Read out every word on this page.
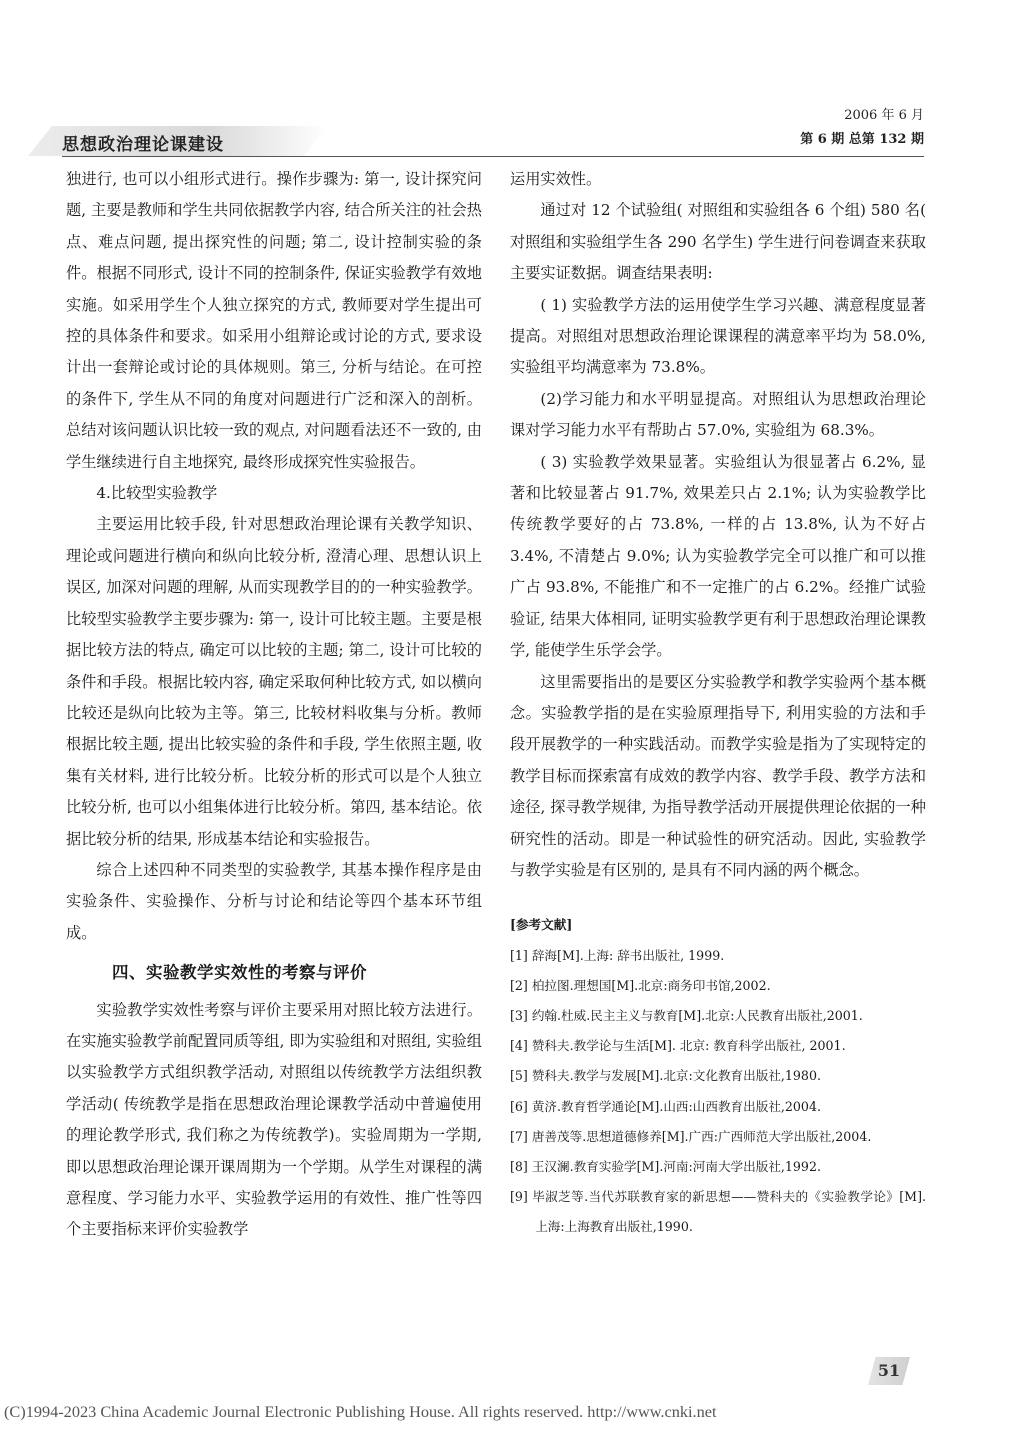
思想政治理论课建设
2006 年 6 月
第 6 期 总第 132 期

独进行, 也可以小组形式进行。操作步骤为: 第一, 设计探究问题, 主要是教师和学生共同依据教学内容, 结合所关注的社会热点、难点问题, 提出探究性的问题; 第二, 设计控制实验的条件。根据不同形式, 设计不同的控制条件, 保证实验教学有效地实施。如采用学生个人独立探究的方式, 教师要对学生提出可控的具体条件和要求。如采用小组辩论或讨论的方式, 要求设计出一套辩论或讨论的具体规则。第三, 分析与结论。在可控的条件下, 学生从不同的角度对问题进行广泛和深入的剖析。总结对该问题认识比较一致的观点, 对问题看法还不一致的, 由学生继续进行自主地探究, 最终形成探究性实验报告。

4.比较型实验教学

主要运用比较手段, 针对思想政治理论课有关教学知识、理论或问题进行横向和纵向比较分析, 澄清心理、思想认识上误区, 加深对问题的理解, 从而实现教学目的的一种实验教学。比较型实验教学主要步骤为: 第一, 设计可比较主题。主要是根据比较方法的特点, 确定可以比较的主题; 第二, 设计可比较的条件和手段。根据比较内容, 确定采取何种比较方式, 如以横向比较还是纵向比较为主等。第三, 比较材料收集与分析。教师根据比较主题, 提出比较实验的条件和手段, 学生依照主题, 收集有关材料, 进行比较分析。比较分析的形式可以是个人独立比较分析, 也可以小组集体进行比较分析。第四, 基本结论。依据比较分析的结果, 形成基本结论和实验报告。

综合上述四种不同类型的实验教学, 其基本操作程序是由实验条件、实验操作、分析与讨论和结论等四个基本环节组成。

四、实验教学实效性的考察与评价

实验教学实效性考察与评价主要采用对照比较方法进行。在实施实验教学前配置同质等组, 即为实验组和对照组, 实验组以实验教学方式组织教学活动, 对照组以传统教学方法组织教学活动( 传统教学是指在思想政治理论课教学活动中普遍使用的理论教学形式, 我们称之为传统教学)。实验周期为一学期, 即以思想政治理论课开课周期为一个学期。从学生对课程的满意程度、学习能力水平、实验教学运用的有效性、推广性等四个主要指标来评价实验教学

运用实效性。

通过对 12 个试验组( 对照组和实验组各 6 个组) 580 名( 对照组和实验组学生各 290 名学生) 学生进行问卷调查来获取主要实证数据。调查结果表明:

( 1) 实验教学方法的运用使学生学习兴趣、满意程度显著提高。对照组对思想政治理论课课程的满意率平均为 58.0%, 实验组平均满意率为 73.8%。

(2)学习能力和水平明显提高。对照组认为思想政治理论课对学习能力水平有帮助占 57.0%, 实验组为 68.3%。

( 3) 实验教学效果显著。实验组认为很显著占 6.2%, 显著和比较显著占 91.7%, 效果差只占 2.1%; 认为实验教学比传统教学要好的占 73.8%, 一样的占 13.8%, 认为不好占 3.4%, 不清楚占 9.0%; 认为实验教学完全可以推广和可以推广占 93.8%, 不能推广和不一定推广的占 6.2%。经推广试验验证, 结果大体相同, 证明实验教学更有利于思想政治理论课教学, 能使学生乐学会学。

这里需要指出的是要区分实验教学和教学实验两个基本概念。实验教学指的是在实验原理指导下, 利用实验的方法和手段开展教学的一种实践活动。而教学实验是指为了实现特定的教学目标而探索富有成效的教学内容、教学手段、教学方法和途径, 探寻教学规律, 为指导教学活动开展提供理论依据的一种研究性的活动。即是一种试验性的研究活动。因此, 实验教学与教学实验是有区别的, 是具有不同内涵的两个概念。

[参考文献]

[1] 辞海[M].上海: 辞书出版社, 1999.

[2] 柏拉图.理想国[M].北京:商务印书馆,2002.

[3] 约翰.杜威.民主主义与教育[M].北京:人民教育出版社,2001.

[4] 赞科夫.教学论与生活[M]. 北京: 教育科学出版社, 2001.

[5] 赞科夫.教学与发展[M].北京:文化教育出版社,1980.

[6] 黄济.教育哲学通论[M].山西:山西教育出版社,2004.

[7] 唐善茂等.思想道德修养[M].广西:广西师范大学出版社,2004.

[8] 王汉澜.教育实验学[M].河南:河南大学出版社,1992.

[9] 毕淑芝等.当代苏联教育家的新思想——赞科夫的《实验教学论》[M].上海:上海教育出版社,1990.

51
(C)1994-2023 China Academic Journal Electronic Publishing House. All rights reserved. http://www.cnki.net
